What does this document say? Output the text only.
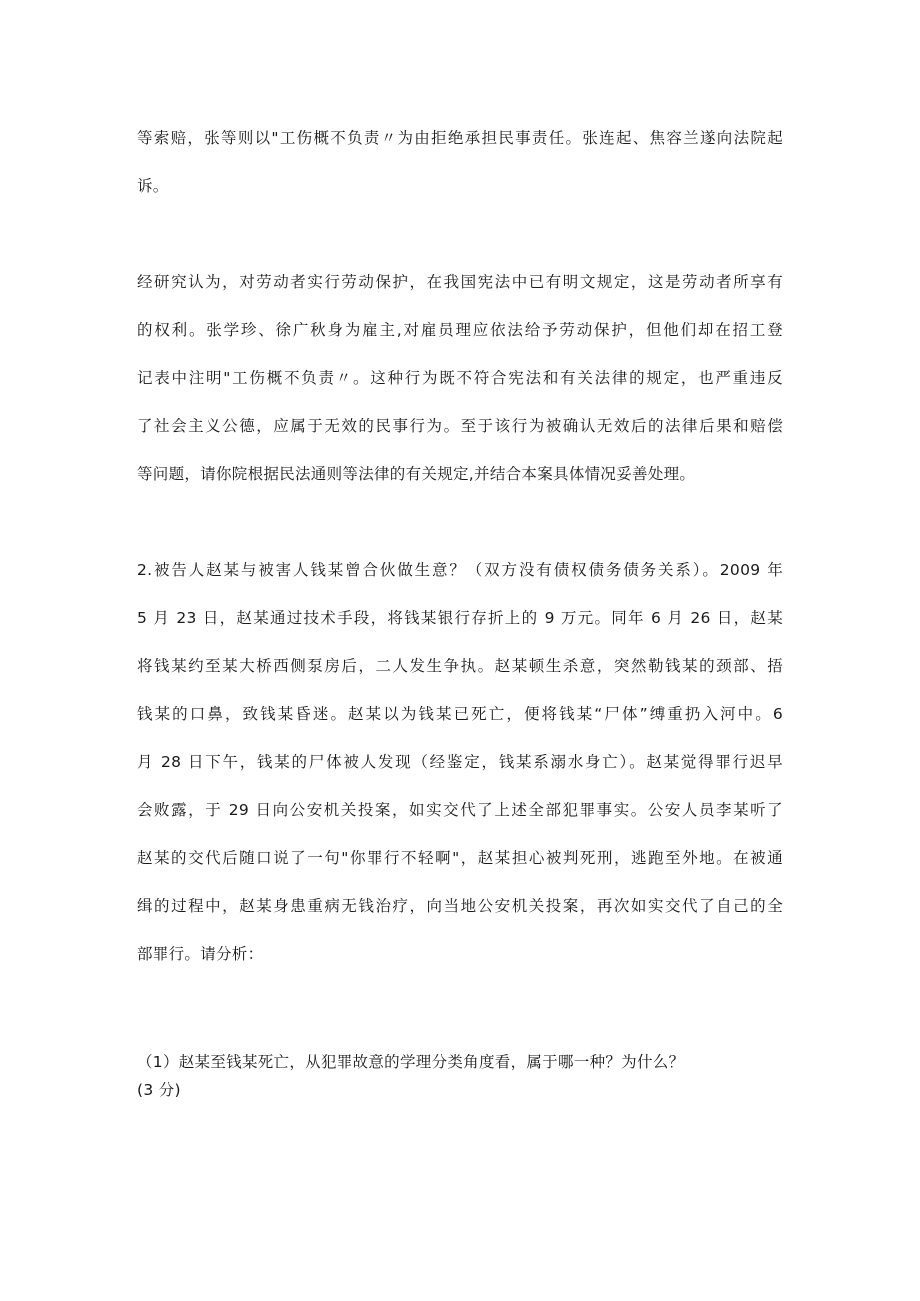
等索赔，张等则以"工伤概不负责〃为由拒绝承担民事责任。张连起、焦容兰遂向法院起
诉。
经研究认为，对劳动者实行劳动保护，在我国宪法中已有明文规定，这是劳动者所享有
的权利。张学珍、徐广秋身为雇主,对雇员理应依法给予劳动保护，但他们却在招工登
记表中注明"工伤概不负责〃。这种行为既不符合宪法和有关法律的规定，也严重违反
了社会主义公德，应属于无效的民事行为。至于该行为被确认无效后的法律后果和赔偿
等问题，请你院根据民法通则等法律的有关规定,并结合本案具体情况妥善处理。
2.被告人赵某与被害人钱某曾合伙做生意？（双方没有债权债务债务关系）。2009 年
5 月 23 日，赵某通过技术手段，将钱某银行存折上的 9 万元。同年 6 月 26 日，赵某
将钱某约至某大桥西侧泵房后，二人发生争执。赵某顿生杀意，突然勒钱某的颈部、捂
钱某的口鼻，致钱某昏迷。赵某以为钱某已死亡，便将钱某“尸体”缚重扔入河中。6
月 28 日下午，钱某的尸体被人发现（经鉴定，钱某系溺水身亡）。赵某觉得罪行迟早
会败露，于 29 日向公安机关投案，如实交代了上述全部犯罪事实。公安人员李某听了
赵某的交代后随口说了一句"你罪行不轻啊"，赵某担心被判死刑，逃跑至外地。在被通
缉的过程中，赵某身患重病无钱治疗，向当地公安机关投案，再次如实交代了自己的全
部罪行。请分析：
（1）赵某至钱某死亡，从犯罪故意的学理分类角度看，属于哪一种？为什么？
(3 分)
